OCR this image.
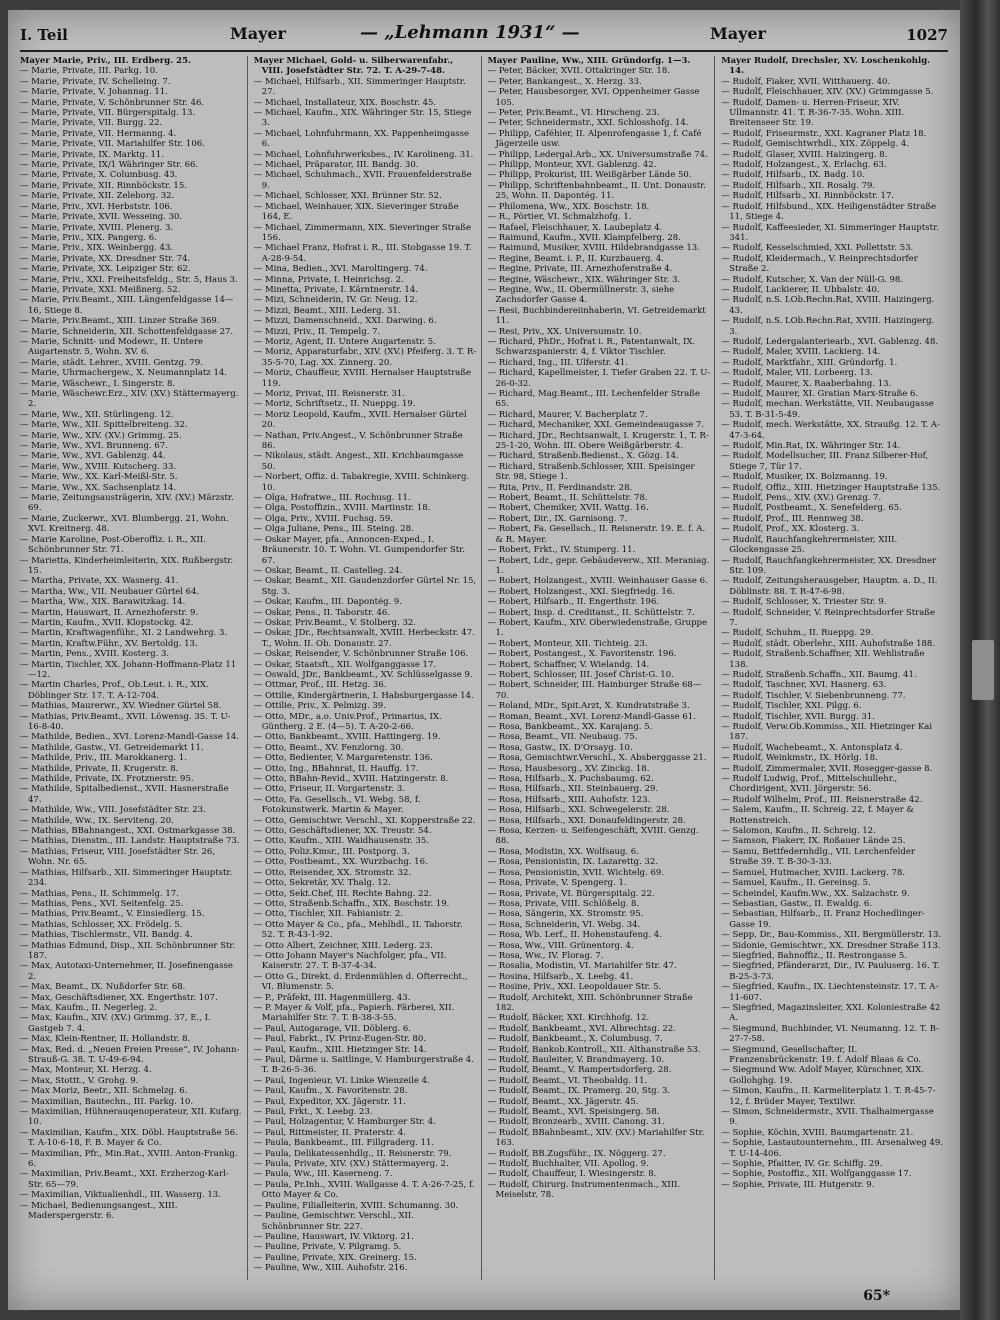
I. Teil	Mayer	— „Lehmann 1931“ —	Mayer	1027

Mayer Marie, Priv., III. Erdberg. 25.

— Marie, Private, III. Parkg. 10.

— Marie, Private, IV. Schelleing. 7.

— Marie, Private, V. Johannag. 11.

— Marie, Private, V. Schönbrunner Str. 46.

— Marie, Private, VII. Bürgerspitalg. 13.

— Marie, Private, VII. Burgg. 22.

— Marie, Private, VII. Hermanng. 4.

— Marie, Private, VII. Mariahilfer Str. 106.

— Marie, Private, IX. Marktg. 11.

— Marie, Private, IX/1 Währinger Str. 66.

— Marie, Private, X. Columbusg. 43.

— Marie, Private, XII. Rinnböckstr. 15.

— Marie, Private, XII. Zeleborg. 32.

— Marie, Priv., XVI. Herbststr. 106.

— Marie, Private, XVII. Wesseing. 30.

— Marie, Private, XVIII. Plenerg. 3.

— Marie, Priv., XIX. Pangerg. 6.

— Marie, Priv., XIX. Weinbergg. 43.

— Marie, Private, XX. Dresdner Str. 74.

— Marie, Private, XX. Leipziger Str. 62.

— Marie, Priv., XXI. Freiheitsfeldg., Str. 5, Haus 3.

— Marie, Private, XXI. Meißnerg. 52.

— Marie, Priv.Beamt., XIII. Längenfeldgasse 14—16, Stiege 8.

— Marie, Priv.Beamt., XIII. Linzer Straße 369.

— Marie, Schneiderin, XII. Schottenfeldgasse 27.

— Marie, Schnitt- und Modewr., II. Untere Augartenstr. 5, Wohn. XV. 6.

— Marie, städt. Lehrer., XVIII. Gentzg. 79.

— Marie, Uhrmachergew., X. Neumannplatz 14.

— Marie, Wäschewr., I. Singerstr. 8.

— Marie, Wäschewr.Erz., XIV. (XV.) Stättermayerg. 2.

— Marie, Ww., XII. Stürlingeng. 12.

— Marie, Ww., XII. Spittelbreiteng. 32.

— Marie, Ww., XIV. (XV.) Grimmg. 25.

— Marie, Ww., XVI. Brunneng. 67.

— Marie, Ww., XVI. Gablenzg. 44.

— Marie, Ww., XVIII. Kutscherg. 33.

— Marie, Ww., XX. Karl-Meißl-Str. 5.

— Marie, Ww., XX. Sachsenplatz 14.

— Marie, Zeitungsausträgerin, XIV. (XV.) Märzstr. 69.

— Marie, Zuckerwr., XVI. Blumbergg. 21, Wohn. XVI. Kreitnerg. 48.

— Marie Karoline, Post-Oberoffiz. i. R., XII. Schönbrunner Str. 71.

— Marietta, Kinderheimleiterin, XIX. Rußbergstr. 15.

— Martha, Private, XX. Wasnerg. 41.

— Martha, Ww., VII. Neubauer Gürtel 64.

— Martha, Ww., XIX. Barawitzkag. 14.

— Martin, Hauswart, II. Arnezhoferstr. 9.

— Martin, Kaufm., XVII. Klopstockg. 42.

— Martin, Kraftwagenführ., XI. 2 Landwehrg. 3.

— Martin, Kraftw.Führ., XV. Bertoldg. 13.

— Martin, Pens., XVIII. Kosterg. 3.

— Martin, Tischler, XX. Johann-Hoffmann-Platz 11—12.

— Martin Charles, Prof., Ob.Leut. i. R., XIX. Döblinger Str. 17. T. A-12-704.

— Mathias, Maurerwr., XV. Wiedner Gürtel 58.

— Mathias, Priv.Beamt., XVII. Löwensg. 35. T. U-16-8-40.

— Mathilde, Bedien., XVI. Lorenz-Mandl-Gasse 14.

— Mathilde, Gastw., VI. Getreidemarkt 11.

— Mathilde, Priv., III. Marokkanerg. 1.

— Mathilde, Private, II. Krugerstr. 8.

— Mathilde, Private, IX. Frotznerstr. 95.

— Mathilde, Spitalbedienst., XVII. Hasnerstraße 47.

— Mathilde, Ww., VIII. Josefstädter Str. 23.

— Mathilde, Ww., IX. Serviteng. 20.

— Mathias, BBahnangest., XXI. Ostmarkgasse 38.

— Mathias, Dienstm., III. Landstr. Hauptstraße 73.

— Mathias, Friseur, VIII. Josefstädter Str. 26, Wohn. Nr. 65.

— Mathias, Hilfsarb., XII. Simmeringer Hauptstr. 234.

— Mathias, Pens., II. Schimmelg. 17.

— Mathias, Pens., XVI. Seitenfelg. 25.

— Mathias, Priv.Beamt., V. Einsiedlerg. 15.

— Mathias, Schlosser, XX. Frödelg. 5.

— Mathias, Tischlermstr., VII. Bandg. 4.

— Mathias Edmund, Disp., XII. Schönbrunner Str. 187.

— Max, Autotaxi-Unternehmer, II. Josefinengasse 2.

— Max, Beamt., IX. Nußdorfer Str. 68.

— Max, Geschäftsdiener, XX. Engerthstr. 107.

— Max, Kaufm., II. Negerleg. 2.

— Max, Kaufm., XIV. (XV.) Grimmg. 37, E., I. Gastgeb 7. 4.

— Max, Klein-Rentner, II. Hollandstr. 8.

— Max, Red. d. „Neuen Freien Presse“, IV. Johann-Strauß-G. 38. T. U-49-6-94.

— Max, Monteur, XI. Herzg. 4.

— Max, Stottt., V. Grohg. 9.

— Max Moriz, Beetr., XII. Schmelzg. 6.

— Maximilian, Bautechn., III. Parkg. 10.

— Maximilian, Hühnerauqenoperateur, XII. Kufarg. 10.

— Maximilian, Kaufm., XIX. Döbl. Hauptstraße 56. T. A-10-6-18, F. B. Mayer & Co.

— Maximilian, Pfr., Min.Rat., XVIII. Anton-Frankg. 6.

— Maximilian, Priv.Beamt., XXI. Erzherzog-Karl-Str. 65—79.

— Maximilian, Viktualienhdl., III. Wasserg. 13.

— Michael, Bedienungsangest., XIII. Maderspergerstr. 6.

Mayer Michael, Gold- u. Silberwarenfabr., VIII. Josefstädter Str. 72. T. A-29-7-48.

— Michael, Hilfsarb., XII. Simmeringer Hauptstr. 27.

— Michael, Installateur, XIX. Boschstr. 45.

— Michael, Kaufm., XIX. Währinger Str. 15, Stiege 3.

— Michael, Lohnfuhrmann, XX. Pappenheimgasse 6.

— Michael, Lohnfuhrwerksbes., IV. Karolineng. 31.

— Michael, Präparator, III. Bandg. 30.

— Michael, Schuhmach., XVII. Frauenfelderstraße 9.

— Michael, Schlosser, XXI. Brünner Str. 52.

— Michael, Weinhauer, XIX. Sieveringer Straße 164, E.

— Michael, Zimmermann, XIX. Sieveringer Straße 156.

— Michael Franz, Hofrat i. R., III. Stobgasse 19. T. A-28-9-54.

— Mina, Bedien., XVI. Maroltingerg. 74.

— Minna, Private, I. Heinrichsg. 2.

— Minetta, Private, I. Kärntnerstr. 14.

— Mizi, Schneiderin, IV. Gr. Neug. 12.

— Mizzi, Beamt., XIII. Lederg. 31.

— Mizzi, Damenschneid., XXI. Darwing. 6.

— Mizzi, Priv., II. Tempelg. 7.

— Moriz, Agent, II. Untere Augartenstr. 5.

— Moriz, Apparaturfabr., XIV. (XV.) Pfeiferg. 3. T. R-35-5-70, Lag. XX. Zinnerg. 20.

— Moriz, Chauffeur, XVIII. Hernalser Hauptstraße 119.

— Moriz, Privat, III. Reisnerstr. 31.

— Moriz, Schriftsetz., II. Nueppg. 19.

— Moriz Leopold, Kaufm., XVII. Hernalser Gürtel 20.

— Nathan, Priv.Angest., V. Schönbrunner Straße 86.

— Nikolaus, städt. Angest., XII. Krichbaumgasse 50.

— Norbert, Offiz. d. Tabakregie, XVIII. Schinkerg. 10.

— Olga, Hofratwe., III. Rochusg. 11.

— Olga, Postoffizin., XVIII. Martinstr. 18.

— Olga, Priv., XVIII. Fuchsg. 59.

— Olga Juliane, Pens., III. Steing. 28.

— Oskar Mayer, pfa., Annoncen-Exped., I. Bräunerstr. 10. T. Wohn. VI. Gumpendorfer Str. 67.

— Oskar, Beamt., II. Castelleg. 24.

— Oskar, Beamt., XII. Gaudenzdorfer Gürtel Nr. 15, Stg. 3.

— Oskar, Kaufm., III. Dapontég. 9.

— Oskar, Pens., II. Taborstr. 46.

— Oskar, Priv.Beamt., V. Stolberg. 32.

— Oskar, JDr., Rechtsanwalt, XVIII. Herbeckstr. 47. T., Wohn. II. Ob. Donaustr. 27.

— Oskar, Reisender, V. Schönbrunner Straße 106.

— Oskar, Staatsft., XII. Wolfganggasse 17.

— Oswald, JDr., Bankbeamt., XV. Schlüsselgasse 9.

— Ottmar, Prof., III. Hetzg. 36.

— Ottilie, Kindergärtnerin, I. Habsburgergasse 14.

— Ottilie, Priv., X. Pelmizg. 39.

— Otto, MDr., a.o. Univ.Prof., Primarius, IX. Güntherg. 2 E. (4—5). T. A-20-2-66.

— Otto, Bankbeamt., XVIII. Hattingerg. 19.

— Otto, Beamt., XV. Fenzlorng. 30.

— Otto, Bedienter, V. Margaretenstr. 136.

— Otto, Ing., BBahnrat, II. Hauffg. 17.

— Otto, BBahn-Revid., XVIII. Hatzingerstr. 8.

— Otto, Friseur, II. Vorgartenstr. 3.

— Otto, Fa. Gesellsch., VI. Webg. 58, f. Fotokunstwerk. Martin & Mayer.

— Otto, Gemischtwr. Verschl., XI. Kopperstraße 22.

— Otto, Geschäftsdiener, XX. Treustr. 54.

— Otto, Kaufm., XIII. Waidhausenstr. 35.

— Otto, Poliz.Kmsr., III. Postporg. 3.

— Otto, Postbeamt., XX. Wurzbachg. 16.

— Otto, Reisender, XX. Stromstr. 32.

— Otto, Sekretär, XV. Thalg. 12.

— Otto, Sekt.Chef, III. Rechte Bahng. 22.

— Otto, Straßenb.Schaffn., XIX. Boschstr. 19.

— Otto, Tischler, XII. Fabianistr. 2.

— Otto Mayer & Co., pfa., Mehlhdl., II. Taborstr. 52. T. R-43-1-92.

— Otto Albert, Zeichner, XIII. Lederg. 23.

— Otto Johann Mayer's Nachfolger, pfa., VII. Kaiserstr. 27. T. B-37-4-34.

— Otto G., Direkt. d. Erdenmühlen d. Ofterrecht., VI. Blumenstr. 5.

— P., Präfekt, III. Hagenmüllerg. 43.

— P. Mayer & Volf, pfa., Papierh. Färberei, XII. Mariahilfer Str. 7. T. B-38-3-55.

— Paul, Autogarage, VII. Döblerg. 6.

— Paul, Fabrkt., IV. Prinz-Eugen-Str. 80.

— Paul, Kaufm., XIII. Hietzinger Str. 14.

— Paul, Därme u. Saitlinge, V. Hamburgerstraße 4. T. B-26-5-36.

— Paul, Ingenieur, VI. Linke Wienzeile 4.

— Paul, Kaufm., X. Favoritenstr. 28.

— Paul, Expeditor, XX. Jägerstr. 11.

— Paul, Frkt., X. Leebg. 23.

— Paul, Holzagentur, V. Hamburger Str. 4.

— Paul, Rittmeister, II. Praterstr. 4.

— Paula, Bankbeamt., III. Fillgraderg. 11.

— Paula, Delikatessenhdlg., II. Reisnerstr. 79.

— Paula, Private, XIV. (XV.) Stättermayerg. 2.

— Paula, Ww., III. Kaserneng. 7.

— Paula, Pr.Inh., XVIII. Wallgasse 4. T. A-26-7-25, f. Otto Mayer & Co.

— Pauline, Filialleiterin, XVIII. Schumanng. 30.

— Pauline, Gemischtwr. Verschl., XII. Schönbrunner Str. 227.

— Pauline, Hauswart, IV. Viktorg. 21.

— Pauline, Private, V. Pilgramg. 5.

— Pauline, Private, XIX. Greinerg. 15.

— Pauline, Ww., XIII. Auhofstr. 216.

Mayer Pauline, Ww., XIII. Gründorfg. 1—3.

— Peter, Bäcker, XVII. Ottakringer Str. 18.

— Peter, Bankangest., X. Herzg. 33.

— Peter, Hausbesorger, XVI. Oppenheimer Gasse 105.

— Peter, Priv.Beamt., VI. Hirscheng. 23.

— Peter, Schneidermstr., XXI. Schlosshofg. 14.

— Philipp, Caféhier, II. Alpenrofengasse 1, f. Café Jägerzeile usw.

— Philipp, Ledergal.Arb., XX. Universumstraße 74.

— Philipp, Monteur, XVI. Gablenzg. 42.

— Philipp, Prokurist, III. Weißgärber Lände 50.

— Philipp, Schriftenbahnbeamt., II. Unt. Donaustr. 25, Wohn. II. Dapontég. 11.

— Philomena, Ww., XIX. Boschstr. 18.

— R., Pörtier, VI. Schmalzhofg. 1.

— Rafael, Fleischhauer, X. Laubeplatz 4.

— Raimund, Kaufm., XVII. Klampfelberg. 28.

— Raimund, Musiker, XVIII. Hildebrandgasse 13.

— Regine, Beamt. i. P., II. Kurzbauerg. 4.

— Regine, Private, III. Arnezhoferstraße 4.

— Regine, Wäschewr., XIX. Währinger Str. 3.

— Regine, Ww., II. Obermüllnerstr. 3, siehe Zachsdorfer Gasse 4.

— Resi, Buchbindereiinhaberin, VI. Getreidemarkt 11.

— Resi, Priv., XX. Universumstr. 10.

— Richard, PhDr., Hofrat i. R., Patentanwalt, IX. Schwarzspanierstr. 4, f. Viktor Tischler.

— Richard, Ing., III. Ulferstr. 41.

— Richard, Kapellmeister, I. Tiefer Graben 22. T. U-26-0-32.

— Richard, Mag.Beamt., III. Lechenfelder Straße 65.

— Richard, Maurer, V. Bacherplatz 7.

— Richard, Mechaniker, XXI. Gemeindeaugasse 7.

— Richard, JDr., Rechtsanwalt, I. Krugerstr. 1, T. R-25-1-20, Wohn. III. Obere Weißgärberstr. 4.

— Richard, Straßenb.Bedienst., X. Gözg. 14.

— Richard, Straßenb.Schlosser, XIII. Speisinger Str. 98, Stiege 1.

— Rita, Priv., II. Ferdinandstr. 28.

— Robert, Beamt., II. Schüttelstr. 78.

— Robert, Chemiker, XVII. Wattg. 16.

— Robert, Dir., IX. Garnisong. 7.

— Robert, Fa. Gesellsch., II. Reisnerstr. 19. E. f. A. & R. Mayer.

— Robert, Frkt., IV. Stumperg. 11.

— Robert, Ldr., gepr. Gebäudeverw., XII. Meraniag. 1.

— Robert, Holzangest., XVIII. Weinhauser Gasse 6.

— Robert, Holzangest., XXI. Siegfriedg. 16.

— Robert, Hilfsarb., II. Engerthstr. 196.

— Robert, Insp. d. Creditanst., II. Schüttelstr. 7.

— Robert, Kaufm., XIV. Oberwiedenstraße, Gruppe 1.

— Robert, Monteur, XII. Tichteig. 23.

— Robert, Postangest., X. Favoritenstr. 196.

— Robert, Schaffner, V. Wielandg. 14.

— Robert, Schlosser, III. Josef Christ-G. 10.

— Robert, Schneider, III. Hainburger Straße 68—70.

— Roland, MDr., Spit.Arzt, X. Kundratstraße 3.

— Roman, Beamt., XVI. Lorenz-Mandl-Gasse 61.

— Rosa, Bankbeamt., XX. Karajang. 5.

— Rosa, Beamt., VII. Neubaug. 75.

— Rosa, Gastw., IX. D'Orsayg. 10.

— Rosa, Gemischtwr.Verschl., X. Absberggasse 21.

— Rosa, Hausbesorg., XV. Zinckg. 18.

— Rosa, Hilfsarb., X. Puchsbaumg. 62.

— Rosa, Hilfsarb., XII. Steinbauerg. 29.

— Rosa, Hilfsarb., XIII. Auhofstr. 123.

— Rosa, Hilfsarb., XXI. Schwegelerstr. 28.

— Rosa, Hilfsarb., XXI. Donaufeldingerstr. 28.

— Rosa, Kerzen- u. Seifengeschäft, XVIII. Genzg. 88.

— Rosa, Modistin, XX. Wolfsaug. 6.

— Rosa, Pensionistin, IX. Lazarettg. 32.

— Rosa, Pensionistin, XVII. Wichtelg. 69.

— Rosa, Private, V. Spengerg. 1.

— Rosa, Private, VI. Bürgerspitalg. 22.

— Rosa, Private, VIII. Schlößelg. 8.

— Rosa, Sängerin, XX. Stromstr. 95.

— Rosa, Schneiderin, VI. Webg. 34.

— Rosa, Wb. Lerf., II. Hohenstaufeng. 4.

— Rosa, Ww., VIII. Grünentorg. 4.

— Rosa, Ww., IV. Florag. 7.

— Rosalia, Modistin, VI. Mariahilfer Str. 47.

— Rosina, Hilfsarb., X. Leebg. 41.

— Rosine, Priv., XXI. Leopoldauer Str. 5.

— Rudolf, Architekt, XIII. Schönbrunner Straße 182.

— Rudolf, Bäcker, XXI. Kirchhofg. 12.

— Rudolf, Bankbeamt., XVI. Albrechtsg. 22.

— Rudolf, Bankbeamt., X. Columbusg. 7.

— Rudolf, Bankob.Kontroll., XII. Althanstraße 53.

— Rudolf, Bauleiter, V. Brandmayerg. 10.

— Rudolf, Beamt., V. Rampertsdorferg. 28.

— Rudolf, Beamt., VI. Theobaldg. 11.

— Rudolf, Beamt., IX. Pramerg. 20, Stg. 3.

— Rudolf, Beamt., XX. Jägerstr. 45.

— Rudolf, Beamt., XVI. Speisingerg. 58.

— Rudolf, Bronzearb., XVIII. Canong. 31.

— Rudolf, BBahnbeamt., XIV. (XV.) Mariahilfer Str. 163.

— Rudolf, BB.Zugsführ., IX. Nöggerg. 27.

— Rudolf, Buchhalter, VII. Apollog. 9.

— Rudolf, Chauffeur, I. Wiesingerstr. 8.

— Rudolf, Chirurg. Instrumentenmach., XIII. Meiselstr. 78.

Mayer Rudolf, Drechsler, XV. Loschenkohlg. 14.

— Rudolf, Fiaker, XVII. Witthauerg. 40.

— Rudolf, Fleischhauer, XIV. (XV.) Grimmgasse 5.

— Rudolf, Damen- u. Herren-Friseur, XIV. Ullmannstr. 41. T. R-36-7-35. Wohn. XIII. Breitenseer Str. 19.

— Rudolf, Friseurmstr., XXI. Kagraner Platz 18.

— Rudolf, Gemischtwrhdl., XIX. Zöppelg. 4.

— Rudolf, Glaser, XVIII. Haizingerg. 8.

— Rudolf, Holzangest., X. Erlachg. 63.

— Rudolf, Hilfsarb., IX. Badg. 10.

— Rudolf, Hilfsarb., XII. Rosalg. 79.

— Rudolf, Hilfsarb., XI. Rinnböckstr. 17.

— Rudolf, Hilfsbund., XIX. Heiligenstädter Straße 11, Stiege 4.

— Rudolf, Kaffeesieder, XI. Simmeringer Hauptstr. 341.

— Rudolf, Kesselschmied, XXI. Pollettstr. 53.

— Rudolf, Kleidermach., V. Reinprechtsdorfer Straße 2.

— Rudolf, Kutscher, X. Van der Nüll-G. 98.

— Rudolf, Lackierer, II. Ubbalstr. 40.

— Rudolf, n.S. LOb.Rechn.Rat, XVIII. Haizingerg. 43.

— Rudolf, n.S. LOb.Rechn.Rat, XVIII. Haizingerg. 3.

— Rudolf, Ledergalanteriearb., XVI. Gablenzg. 48.

— Rudolf, Maler, XVIII. Lackierg. 14.

— Rudolf, Marktfahr., XIII. Gründorfg. 1.

— Rudolf, Maler, VII. Lorbeerg. 13.

— Rudolf, Maurer, X. Raaberbahng. 13.

— Rudolf, Maurer, XI. Gratian Marx-Straße 6.

— Rudolf, mechan. Werkstätte, VII. Neubaugasse 53. T. B-31-5-49.

— Rudolf, mech. Werkstätte, XX. Straußg. 12. T. A-47-3-64.

— Rudolf, Min.Rat, IX. Währinger Str. 14.

— Rudolf, Modellsucher, III. Franz Silberer-Hof, Stiege 7, Tür 17.

— Rudolf, Musiker, IX. Bolzmanng. 19.

— Rudolf, Offiz., XIII. Hietzinger Hauptstraße 135.

— Rudolf, Pens., XIV. (XV.) Grenzg. 7.

— Rudolf, Postbeamt., X. Senefelderg. 65.

— Rudolf, Prof., III. Rennweg 38.

— Rudolf, Prof., XX. Klosterg. 3.

— Rudolf, Rauchfangkehrermeister, XIII. Glockengasse 25.

— Rudolf, Rauchfangkehrermeister, XX. Dresdner Str. 109.

— Rudolf, Zeitungsherausgeber, Hauptm. a. D., II. Döblinstr. 88. T. R-47-6-98.

— Rudolf, Schlosser, X. Triester Str. 9.

— Rudolf, Schneider, V. Reinprechtsdorfer Straße 7.

— Rudolf, Schuhm., II. Rueppg. 29.

— Rudolf, städt. Oberlehr., XIII. Auhofstraße 188.

— Rudolf, Straßenb.Schaffner, XII. Wehlistraße 138.

— Rudolf, Straßenb.Schaffn., XII. Baumg. 41.

— Rudolf, Taschner, XVI. Hasnerg. 63.

— Rudolf, Tischler, V. Siebenbrunneng. 77.

— Rudolf, Tischler, XXI. Pilgg. 6.

— Rudolf, Tischler, XVII. Burgg. 31.

— Rudolf, Verw.Ob.Kommiss., XII. Hietzinger Kai 187.

— Rudolf, Wachebeamt., X. Antonsplatz 4.

— Rudolf, Weinkmstr., IX. Hörlg. 18.

— Rudolf, Zimmermaler, XVII. Rosegger-gasse 8.

— Rudolf Ludwig, Prof., Mittelschullehr., Chordirigent, XVII. Jörgerstr. 56.

— Rudolf Wilhelm, Prof., III. Reisnerstraße 42.

— Salem, Kaufm., II. Schreig. 22, f. Mayer & Rottenstreich.

— Salomon, Kaufm., II. Schreig. 12.

— Samson, Fiakerr, IX. Roßauer Lände 25.

— Samu, Bettfedernhdlg., VII. Lerchenfelder Straße 39. T. B-30-3-33.

— Samuel, Hutmacher, XVIII. Lackerg. 78.

— Samuel, Kaufm., II. Gereinsg. 5.

— Scheindel, Kaufm.Ww., XX. Salzachstr. 9.

— Sebastian, Gastw., II. Ewaldg. 6.

— Sebastian, Hilfsarb., II. Franz Hochedlinger-Gasse 19.

— Sepp, Dr., Bau-Kommiss., XII. Bergmüllerstr. 13.

— Sidonie, Gemischtwr., XX. Dresdner Straße 113.

— Siegfried, Bahnoffiz., II. Restrongasse 5.

— Siegfried, Pfänderarzt, Dir., IV. Pauluserg. 16. T. B-25-3-73.

— Siegfried, Kaufm., IX. Liechtensteinstr. 17. T. A-11-607.

— Siegfried, Magazinsleiter, XXI. Koloniestraße 42 A.

— Siegmund, Buchbinder, VI. Neumanng. 12. T. B-27-7-58.

— Siegmund, Gesellschafter, II. Franzensbrückenstr. 19. f. Adolf Blaas & Co.

— Siegmund Ww. Adolf Mayer, Kürschner, XIX. Gollohghg. 19.

— Simon, Kaufm., II. Karmeliterplatz 1. T. R-45-7-12, f. Brüder Mayer, Textilwr.

— Simon, Schneidermstr., XVII. Thalhaimergasse 9.

— Sophie, Köchin, XVIII. Baumgartenstr. 21.

— Sophie, Lastautounternehm., III. Arsenalweg 49. T. U-14-406.

— Sophie, Pfaitter, IV. Gr. Schiffg. 29.

— Sophie, Postoffiz., XII. Wolfganggasse 17.

— Sophie, Private, III. Hutgerstr. 9.

65*
